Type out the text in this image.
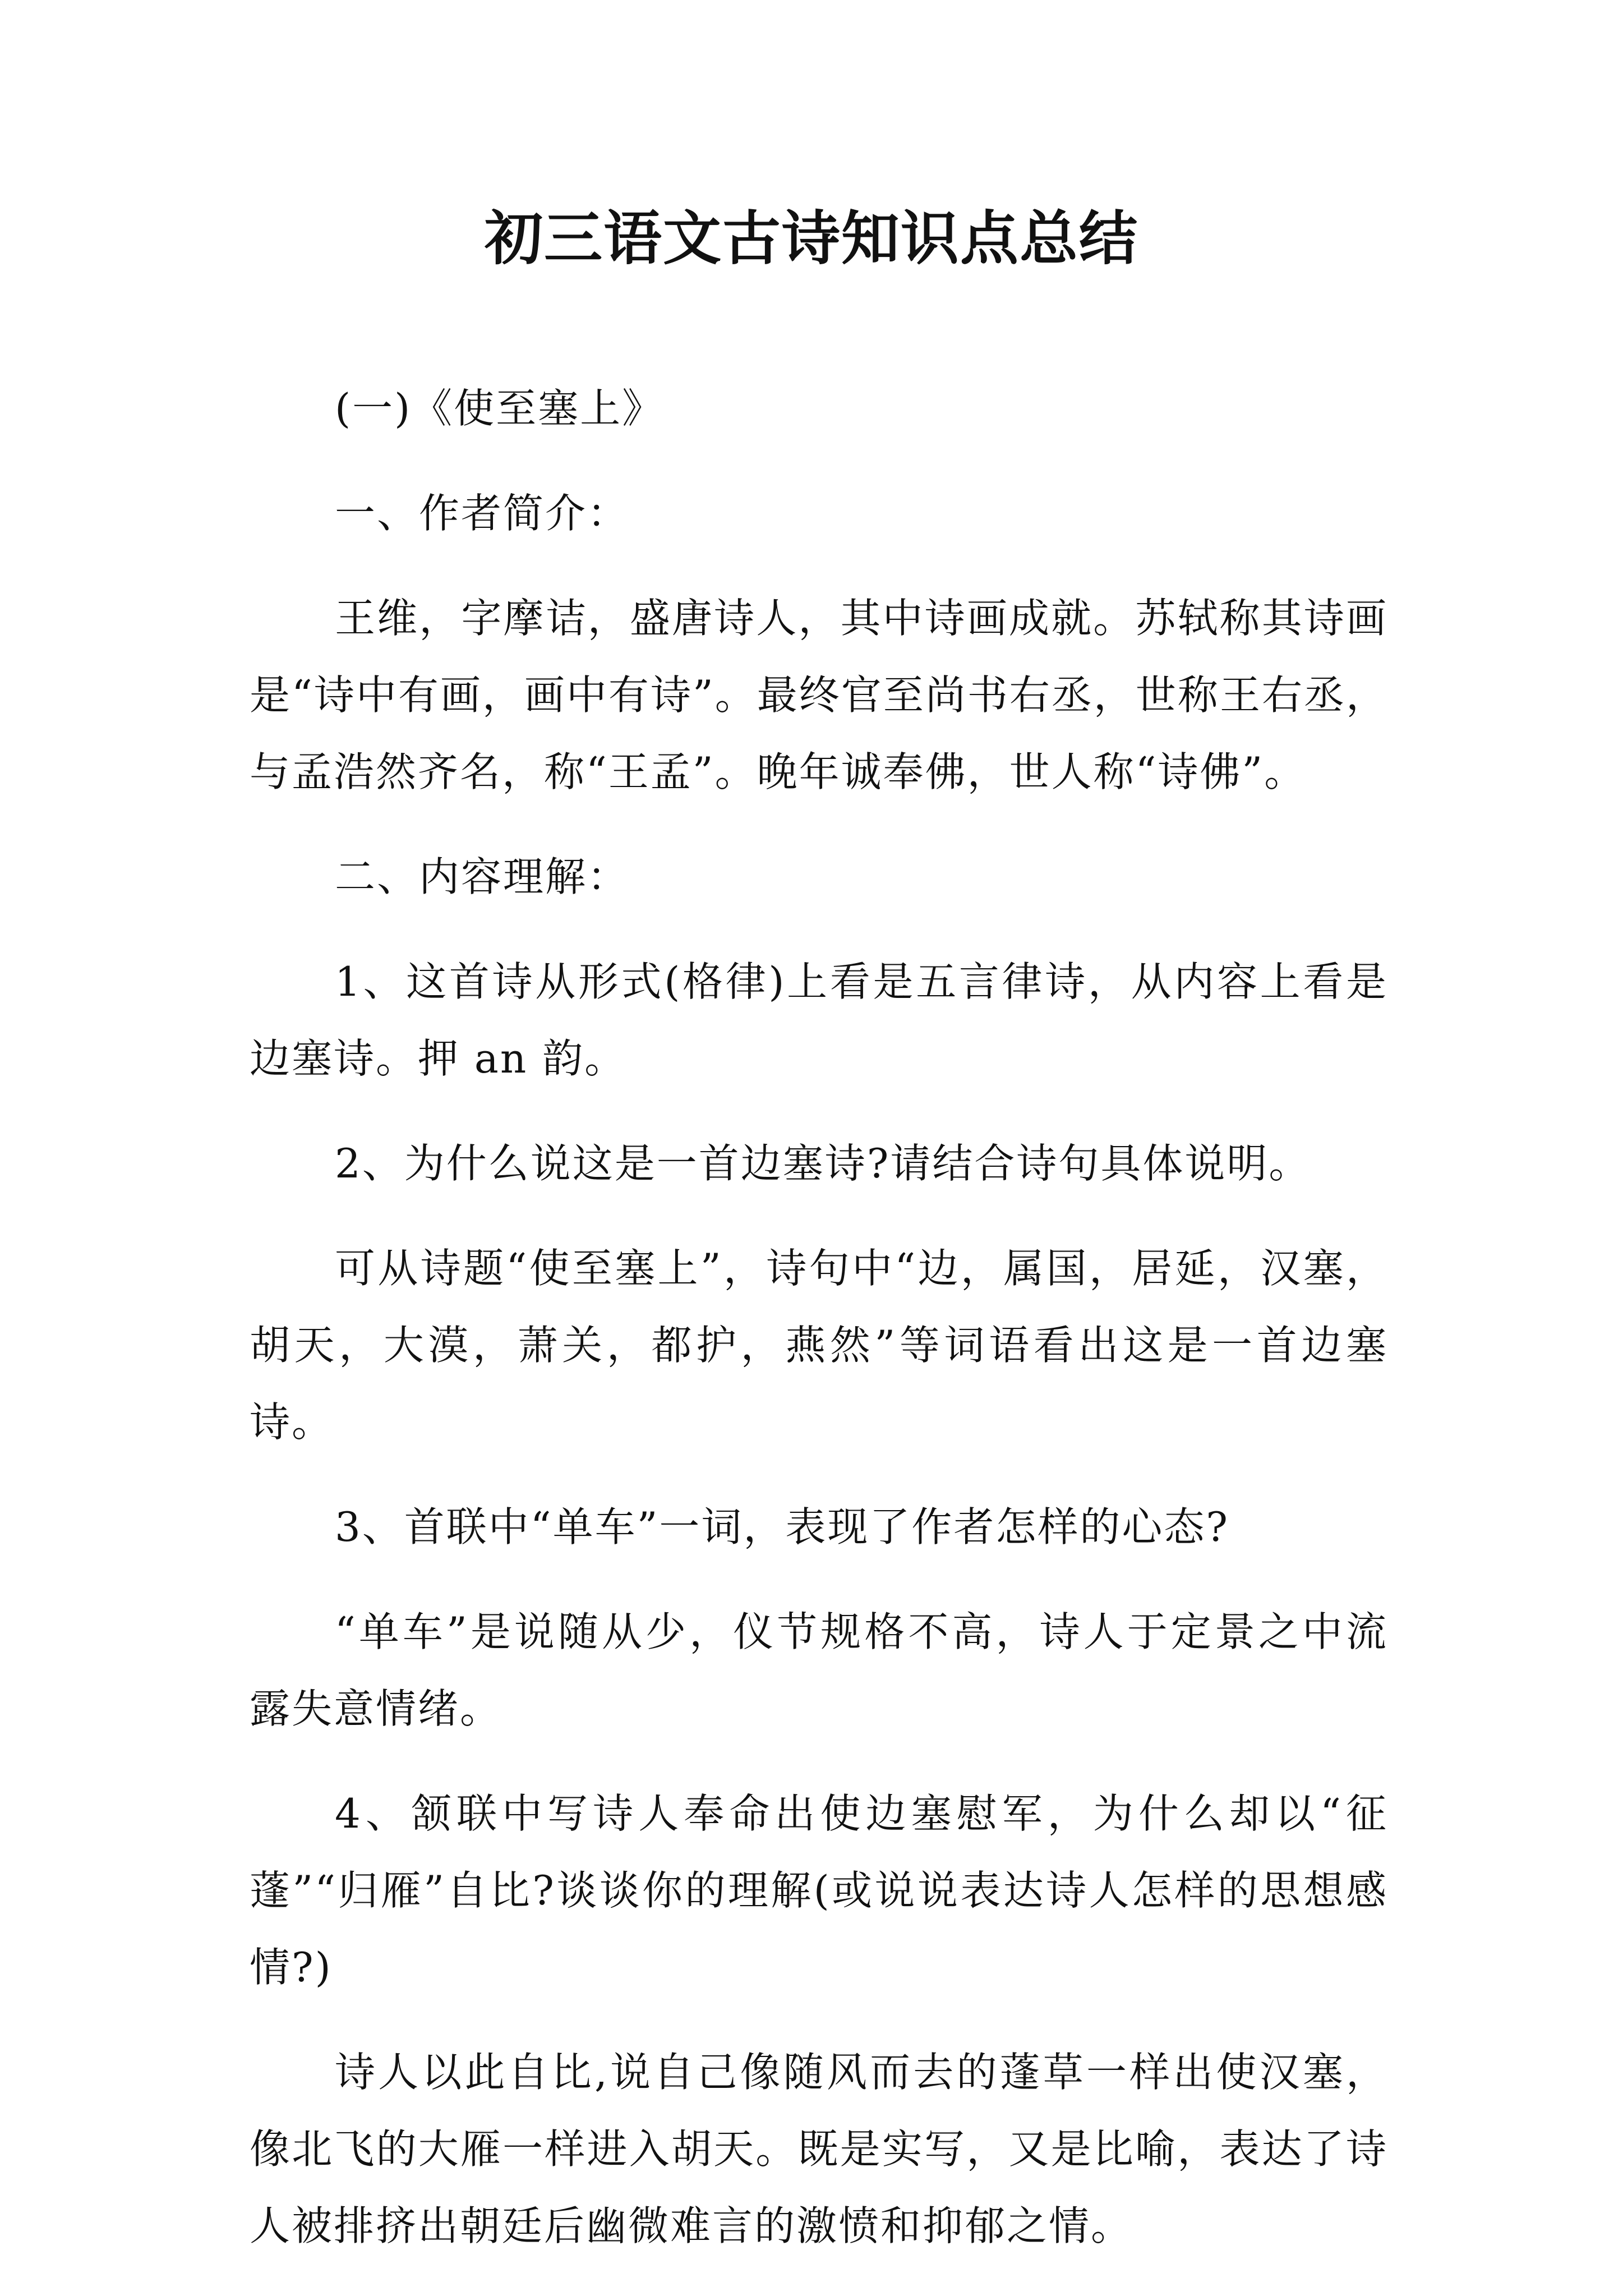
初三语文古诗知识点总结

(一)《使至塞上》

一、作者简介：

王维，字摩诘，盛唐诗人，其中诗画成就。苏轼称其诗画是“诗中有画，画中有诗”。最终官至尚书右丞，世称王右丞，与孟浩然齐名，称“王孟”。晚年诚奉佛，世人称“诗佛”。

二、内容理解：

1、这首诗从形式(格律)上看是五言律诗，从内容上看是边塞诗。押 an 韵。

2、为什么说这是一首边塞诗?请结合诗句具体说明。

可从诗题“使至塞上”，诗句中“边，属国，居延，汉塞，胡天，大漠，萧关，都护，燕然”等词语看出这是一首边塞诗。

3、首联中“单车”一词，表现了作者怎样的心态?

“单车”是说随从少，仪节规格不高，诗人于定景之中流露失意情绪。

4、颔联中写诗人奉命出使边塞慰军，为什么却以“征蓬”“归雁”自比?谈谈你的理解(或说说表达诗人怎样的思想感情?)

诗人以此自比,说自己像随风而去的蓬草一样出使汉塞，像北飞的大雁一样进入胡天。既是实写，又是比喻，表达了诗人被排挤出朝廷后幽微难言的激愤和抑郁之情。
